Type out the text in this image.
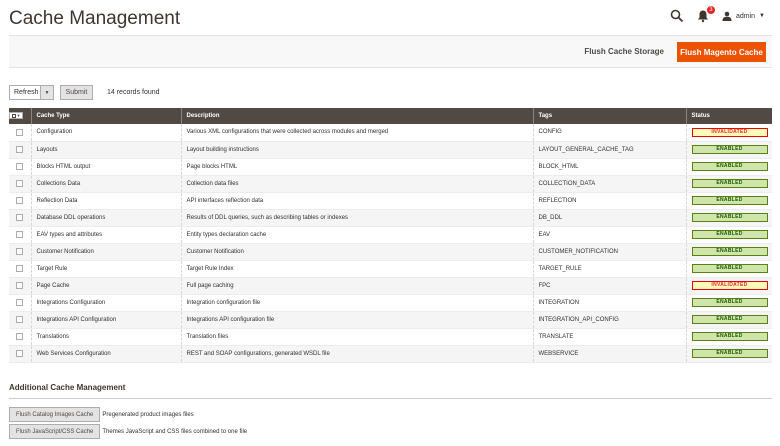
Cache Management	3
admin ▼
Flush Cache Storage	Flush Magento Cache
Refresh	▼	Submit	14 records found
▼	Cache Type	Description	Tags	Status
	Configuration	Various XML configurations that were collected across modules and merged	CONFIG	INVALIDATED

	Layouts	Layout building instructions	LAYOUT_GENERAL_CACHE_TAG	ENABLED

	Blocks HTML output	Page blocks HTML	BLOCK_HTML	ENABLED

	Collections Data	Collection data files	COLLECTION_DATA	ENABLED

	Reflection Data	API interfaces reflection data	REFLECTION	ENABLED

	Database DDL operations	Results of DDL queries, such as describing tables or indexes	DB_DDL	ENABLED

	EAV types and attributes	Entity types declaration cache	EAV	ENABLED

	Customer Notification	Customer Notification	CUSTOMER_NOTIFICATION	ENABLED

	Target Rule	Target Rule Index	TARGET_RULE	ENABLED

	Page Cache	Full page caching	FPC	INVALIDATED

	Integrations Configuration	Integration configuration file	INTEGRATION	ENABLED

	Integrations API Configuration	Integrations API configuration file	INTEGRATION_API_CONFIG	ENABLED

	Translations	Translation files	TRANSLATE	ENABLED

	Web Services Configuration	REST and SOAP configurations, generated WSDL file	WEBSERVICE	ENABLED
Additional Cache Management
Flush Catalog Images Cache	Pregenerated product images files
Flush JavaScript/CSS Cache	Themes JavaScript and CSS files combined to one file
